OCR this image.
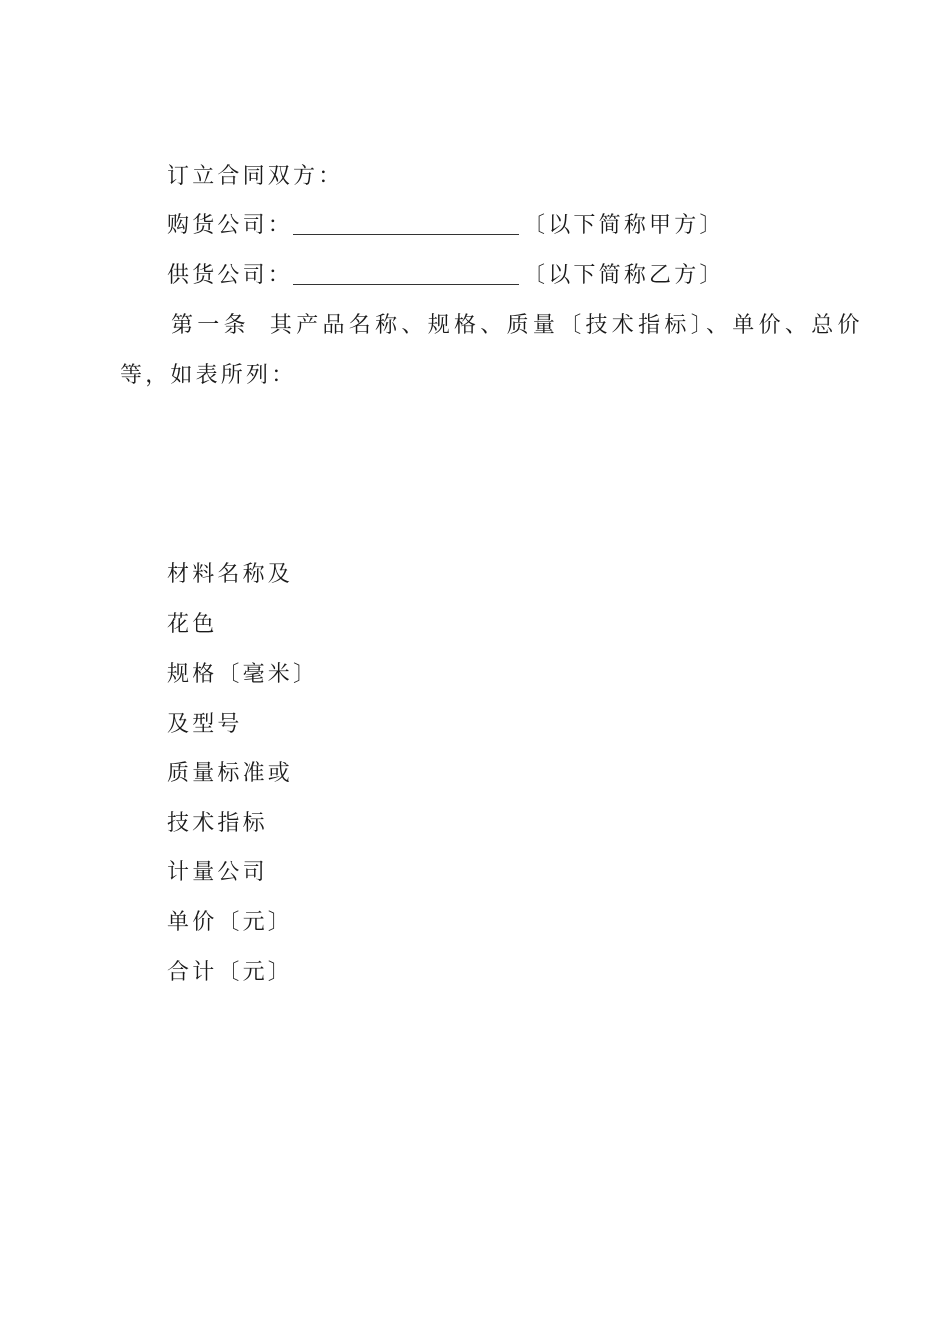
订立合同双方：
购货公司：	〔以下简称甲方〕
供货公司：	〔以下简称乙方〕
第一条 其产品名称、规格、质量〔技术指标〕、单价、总价
等，如表所列：
材料名称及
花色
规格〔毫米〕
及型号
质量标准或
技术指标
计量公司
单价〔元〕
合计〔元〕
